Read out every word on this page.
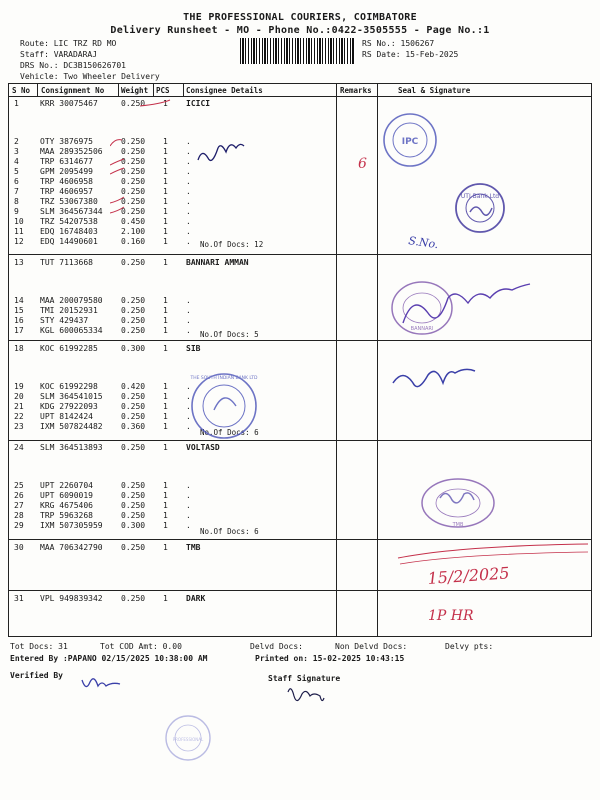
THE PROFESSIONAL COURIERS, COIMBATORE
Delivery Runsheet - MO - Phone No.:0422-3505555 - Page No.:1
Route: LIC TRZ RD MO
Staff: VARADARAJ
DRS No.: DC3B150626701
Vehicle: Two Wheeler Delivery
RS No.: 1506267
RS Date: 15-Feb-2025
S No Consignment No Weight PCS Consignee Details	Remarks	Seal & Signature
1	KRR 30075467	0.250 1 ICICI
2	OTY 3876975	0.250 1 .
3	MAA 289352506 0.250 1 .
4	TRP 6314677	0.250 1 .
5	GPM 2095499	0.250 1 .
6	TRP 4606958	0.250 1 .
7	TRP 4606957	0.250 1 .
8	TRZ 53067380	0.250 1 .
9	SLM 364567344 0.250 1 .
10 TRZ 54207538	0.450 1 .
11 EDQ 16748403	2.100 1 .
12 EDQ 14490601	0.160 1 . No.Of Docs: 12
13 TUT 7113668	0.250 1 BANNARI AMMAN
14 MAA 200079580 0.250 1 .
15 TMI 20152931	0.250 1 .
16 STY 429437	0.250 1 .
17 KGL 600065334 0.250 1 . No.Of Docs: 5
18 KOC 61992285	0.300 1 SIB
19 KOC 61992298	0.420 1 .
20 SLM 364541015 0.250 1 .
21 KDG 27922093	0.250 1 .
22 UPT 8142424	0.250 1 .
23 IXM 507824482 0.360 1 .
No.Of Docs: 6
24 SLM 364513893 0.250 1 VOLTASD
25 UPT 2260704	0.250 1 .
26 UPT 6090019	0.250 1 .
27 KRG 4675406	0.250 1 .
28 TRP 5963268	0.250 1 .
29 IXM 507305959 0.300 1 .
No.Of Docs: 6
30 MAA 706342790 0.250 1 TMB
31 VPL 949839342 0.250 1 DARK
IPC
UTI Bank Ltd
S.No.
BANNARI
TMB
15/2/2025
1P HR
6
THE SOUTH INDIAN BANK LTD
Tot Docs: 31	Tot COD Amt: 0.00	Delvd Docs:	Non Delvd Docs:	Delvy pts:
Entered By :PAPANO 02/15/2025 10:38:00 AM	Printed on: 15-02-2025 10:43:15
Verified By	Staff Signature
PROFESSIONAL
